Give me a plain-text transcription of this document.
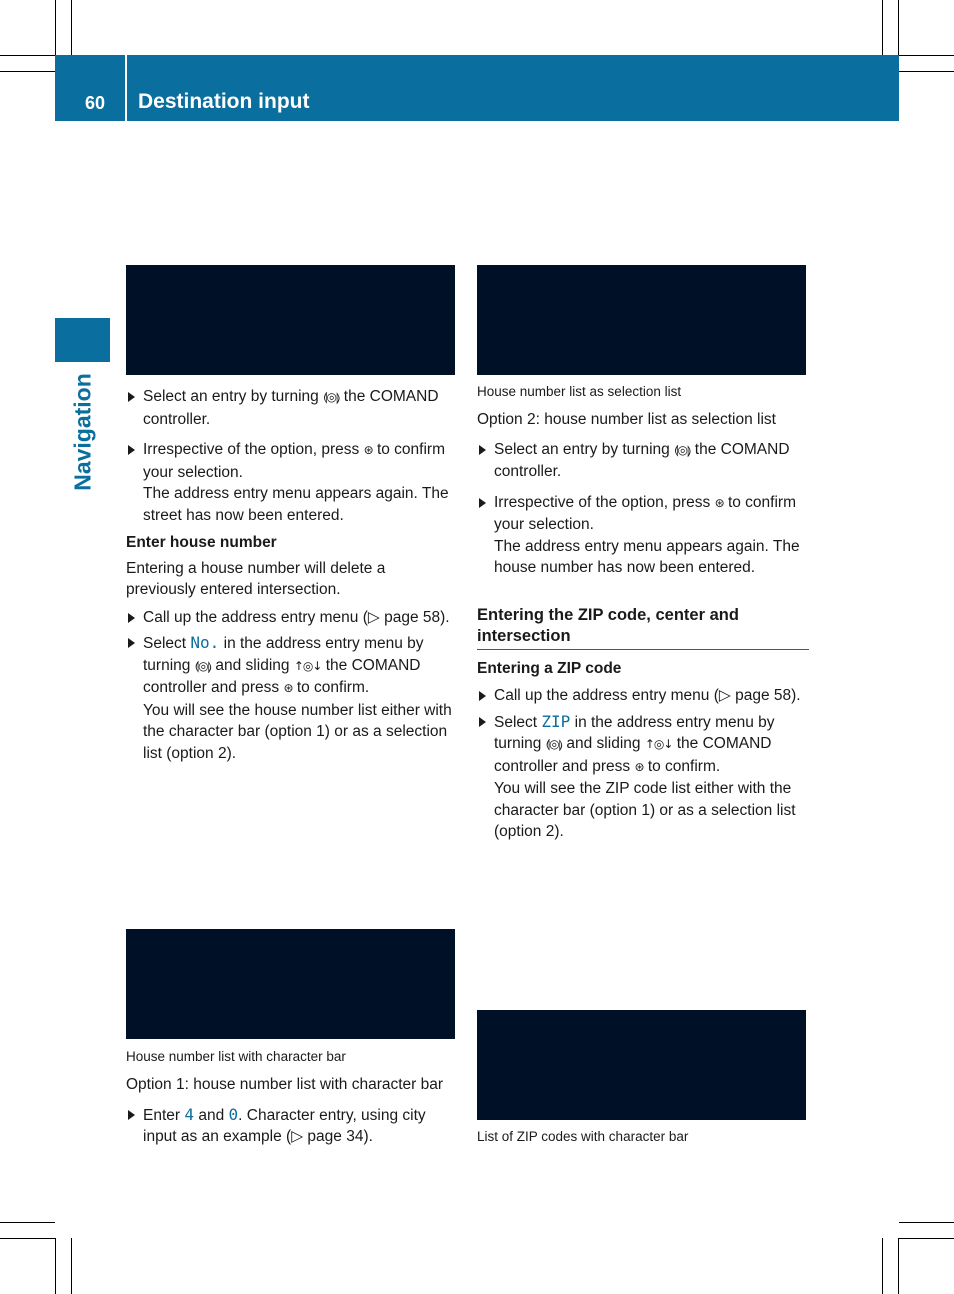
60 Destination input
Navigation	Select an entry by turning ⟬◎⟭ the COMAND controller.

Irrespective of the option, press ⊛ to confirm your selection.

The address entry menu appears again. The street has now been entered.

Enter house number

Entering a house number will delete a previously entered intersection.

Call up the address entry menu (▷ page 58).

Select No. in the address entry menu by turning ⟬◎⟭ and sliding ↑◎↓ the COMAND controller and press ⊛ to confirm.

You will see the house number list either with the character bar (option 1) or as a selection list (option 2).

House number list with character bar

Option 1: house number list with character bar

Enter 4 and 0. Character entry, using city input as an example (▷ page 34).

House number list as selection list

Option 2: house number list as selection list

Select an entry by turning ⟬◎⟭ the COMAND controller.

Irrespective of the option, press ⊛ to confirm your selection.

The address entry menu appears again. The house number has now been entered.

Entering the ZIP code, center and intersection

Entering a ZIP code

Call up the address entry menu (▷ page 58).

Select ZIP in the address entry menu by turning ⟬◎⟭ and sliding ↑◎↓ the COMAND controller and press ⊛ to confirm.

You will see the ZIP code list either with the character bar (option 1) or as a selection list (option 2).

List of ZIP codes with character bar
